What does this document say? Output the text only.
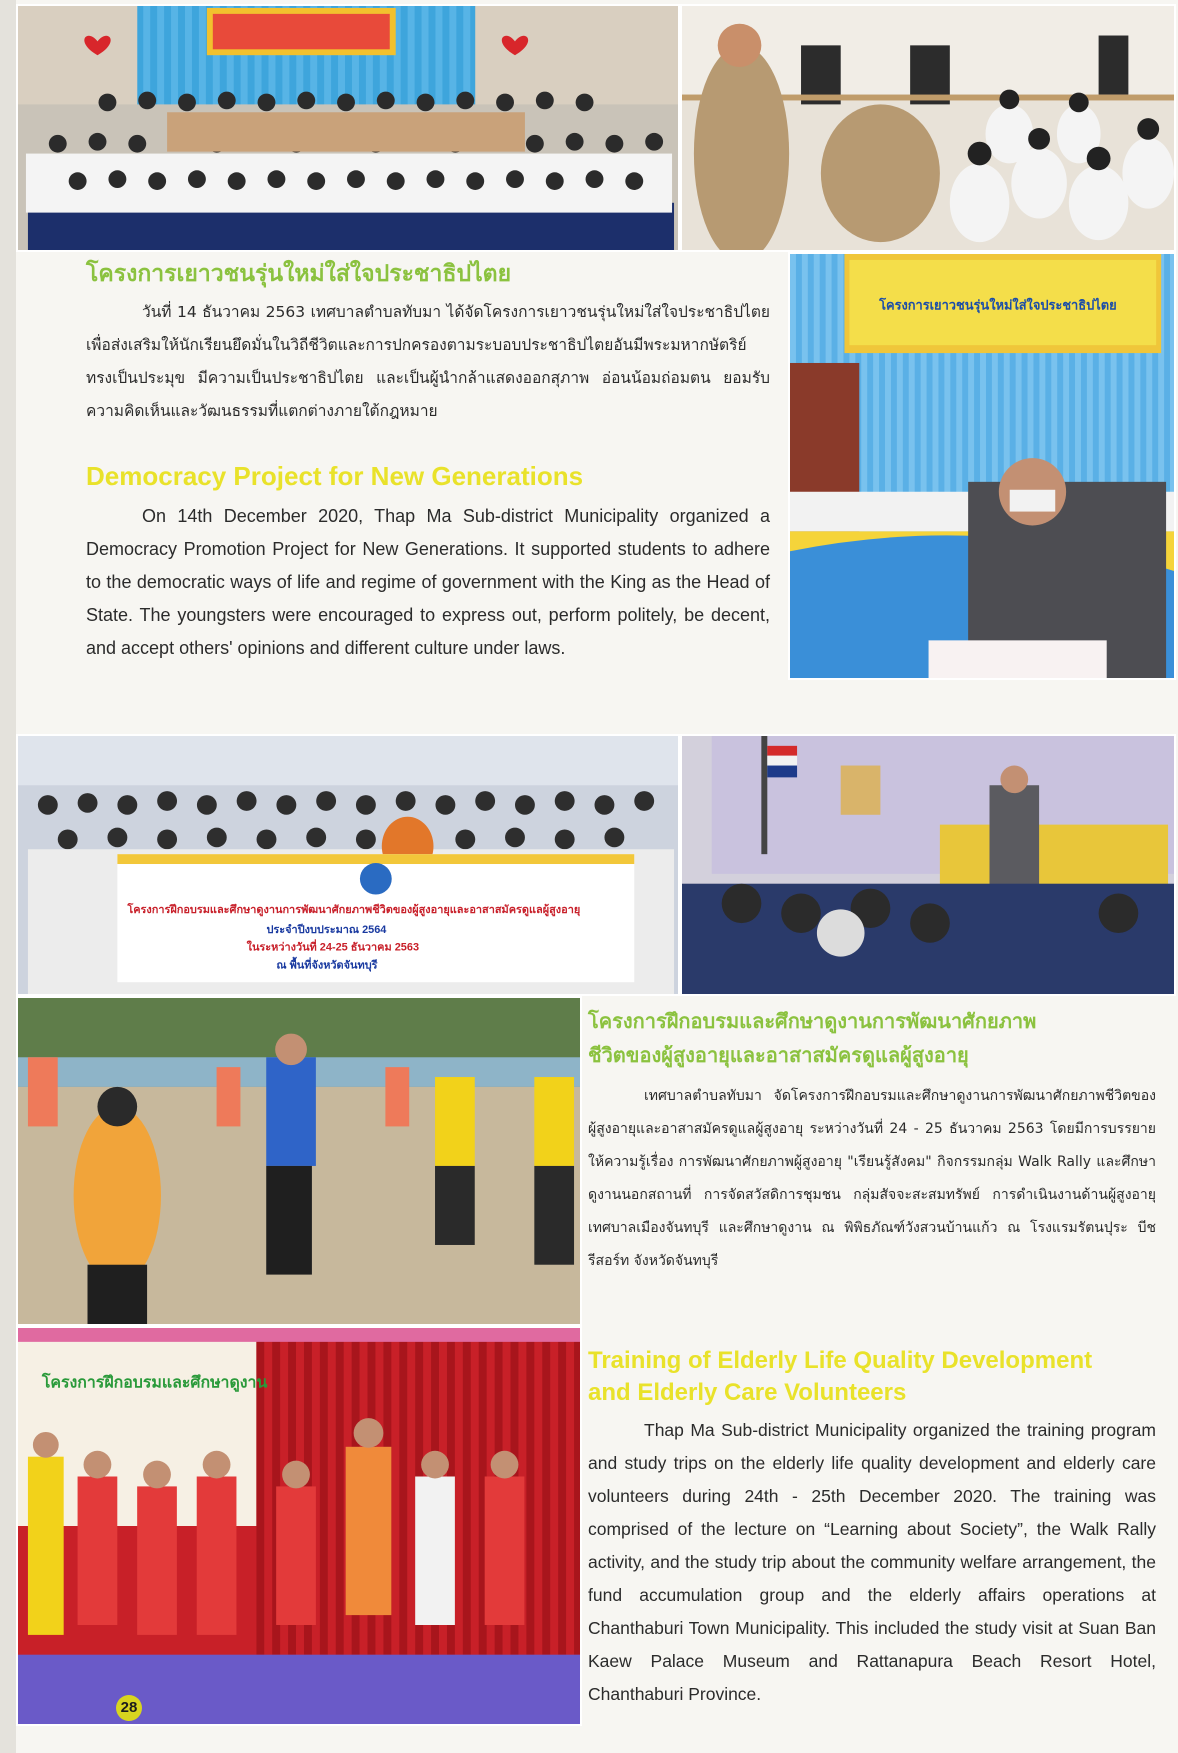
โครงการเยาวชนรุ่นใหม่ใส่ใจประชาธิปไตย
โครงการฝึกอบรมและศึกษาดูงานการพัฒนาศักยภาพชีวิตของผู้สูงอายุและอาสาสมัครดูแลผู้สูงอายุ
ประจำปีงบประมาณ 2564
ในระหว่างวันที่ 24-25 ธันวาคม 2563
ณ พื้นที่จังหวัดจันทบุรี
โครงการฝึกอบรมและศึกษาดูงาน
โครงการเยาวชนรุ่นใหม่ใส่ใจประชาธิปไตย

วันที่ 14 ธันวาคม 2563 เทศบาลตำบลทับมา ได้จัดโครงการเยาวชนรุ่นใหม่ใส่ใจประชาธิปไตย เพื่อส่งเสริมให้นักเรียนยึดมั่นในวิถีชีวิตและการปกครองตามระบอบประชาธิปไตยอันมีพระมหากษัตริย์ทรงเป็นประมุข มีความเป็นประชาธิปไตย และเป็นผู้นำกล้าแสดงออกสุภาพ อ่อนน้อมถ่อมตน ยอมรับความคิดเห็นและวัฒนธรรมที่แตกต่างภายใต้กฎหมาย

Democracy Project for New Generations

On 14th December 2020, Thap Ma Sub-district Municipality organized a Democracy Promotion Project for New Generations. It supported students to adhere to the democratic ways of life and regime of government with the King as the Head of State. The youngsters were encouraged to express out, perform politely, be decent, and accept others' opinions and different culture under laws.

โครงการฝึกอบรมและศึกษาดูงานการพัฒนาศักยภาพ
ชีวิตของผู้สูงอายุและอาสาสมัครดูแลผู้สูงอายุ

เทศบาลตำบลทับมา จัดโครงการฝึกอบรมและศึกษาดูงานการพัฒนาศักยภาพชีวิตของผู้สูงอายุและอาสาสมัครดูแลผู้สูงอายุ ระหว่างวันที่ 24 - 25 ธันวาคม 2563 โดยมีการบรรยายให้ความรู้เรื่อง การพัฒนาศักยภาพผู้สูงอายุ "เรียนรู้สังคม" กิจกรรมกลุ่ม Walk Rally และศึกษาดูงานนอกสถานที่ การจัดสวัสดิการชุมชน กลุ่มสัจจะสะสมทรัพย์ การดำเนินงานด้านผู้สูงอายุเทศบาลเมืองจันทบุรี และศึกษาดูงาน ณ พิพิธภัณฑ์วังสวนบ้านแก้ว ณ โรงแรมรัตนปุระ บีช รีสอร์ท จังหวัดจันทบุรี

Training of Elderly Life Quality Development
and Elderly Care Volunteers

Thap Ma Sub-district Municipality organized the training program and study trips on the elderly life quality development and elderly care volunteers during 24th - 25th December 2020. The training was comprised of the lecture on “Learning about Society”, the Walk Rally activity, and the study trip about the community welfare arrangement, the fund accumulation group and the elderly affairs operations at Chanthaburi Town Municipality. This included the study visit at Suan Ban Kaew Palace Museum and Rattanapura Beach Resort Hotel, Chanthaburi Province.

28
